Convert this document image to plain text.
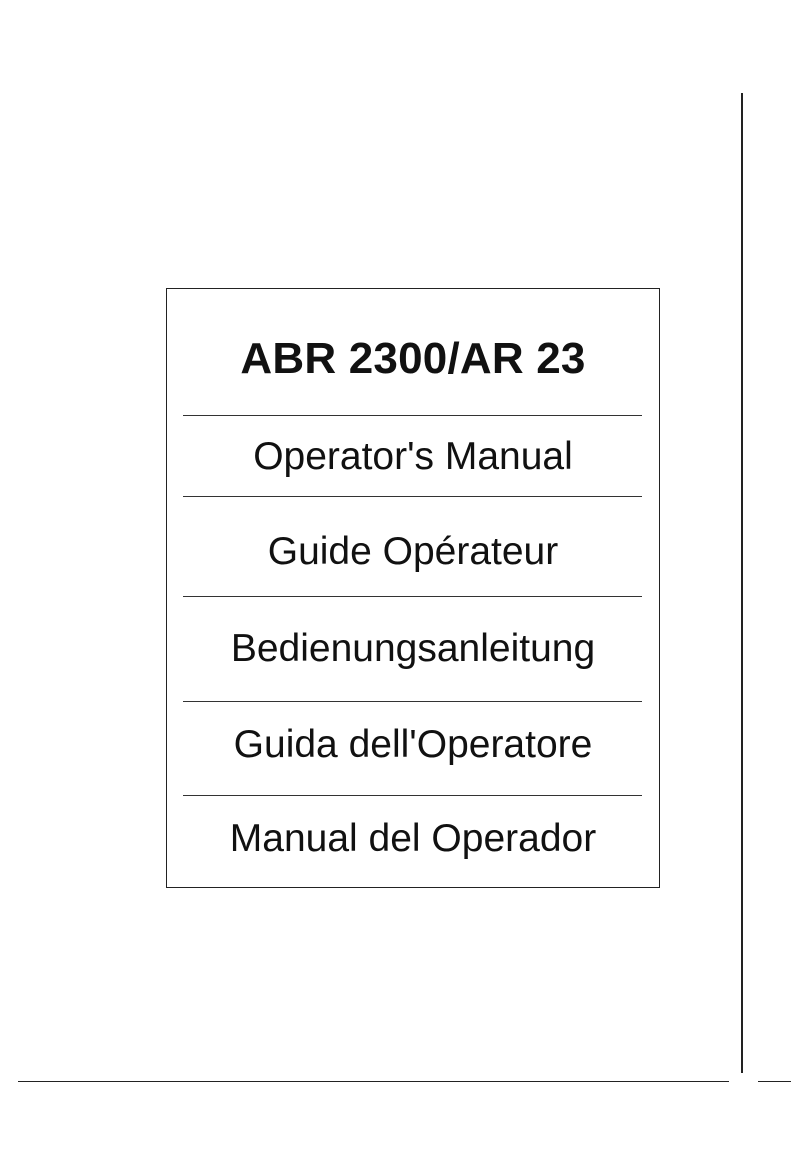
ABR 2300/AR 23
Operator's Manual
Guide Opérateur
Bedienungsanleitung
Guida dell'Operatore
Manual del Operador
